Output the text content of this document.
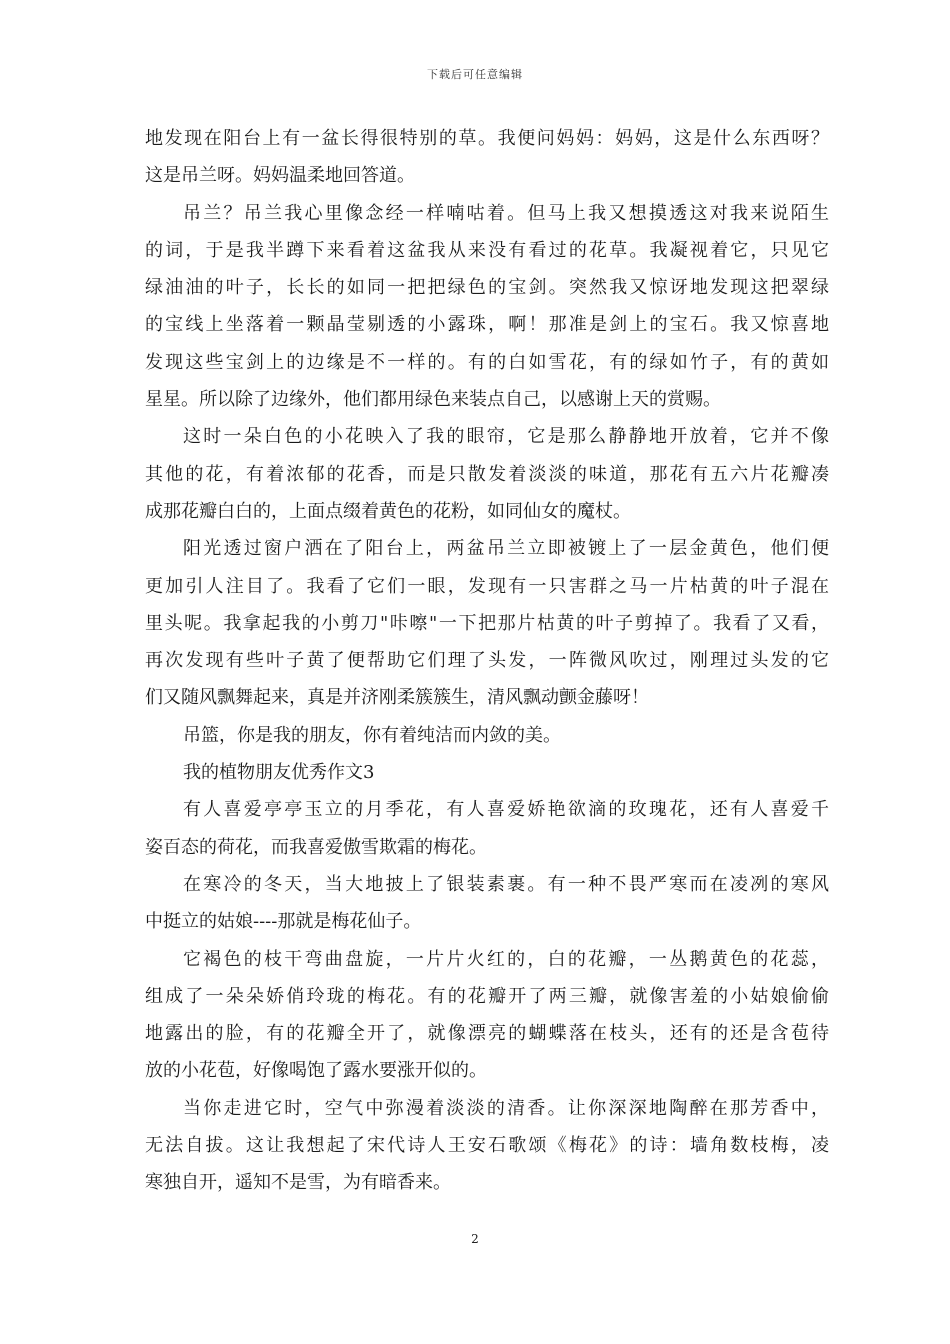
下载后可任意编辑
地发现在阳台上有一盆长得很特别的草。我便问妈妈：妈妈，这是什么东西呀？
这是吊兰呀。妈妈温柔地回答道。
吊兰？吊兰我心里像念经一样喃咕着。但马上我又想摸透这对我来说陌生
的词，于是我半蹲下来看着这盆我从来没有看过的花草。我凝视着它，只见它
绿油油的叶子，长长的如同一把把绿色的宝剑。突然我又惊讶地发现这把翠绿
的宝线上坐落着一颗晶莹剔透的小露珠，啊！那准是剑上的宝石。我又惊喜地
发现这些宝剑上的边缘是不一样的。有的白如雪花，有的绿如竹子，有的黄如
星星。所以除了边缘外，他们都用绿色来装点自己，以感谢上天的赏赐。
这时一朵白色的小花映入了我的眼帘，它是那么静静地开放着，它并不像
其他的花，有着浓郁的花香，而是只散发着淡淡的味道，那花有五六片花瓣凑
成那花瓣白白的，上面点缀着黄色的花粉，如同仙女的魔杖。
阳光透过窗户洒在了阳台上，两盆吊兰立即被镀上了一层金黄色，他们便
更加引人注目了。我看了它们一眼，发现有一只害群之马一片枯黄的叶子混在
里头呢。我拿起我的小剪刀"咔嚓"一下把那片枯黄的叶子剪掉了。我看了又看，
再次发现有些叶子黄了便帮助它们理了头发，一阵微风吹过，刚理过头发的它
们又随风飘舞起来，真是并济刚柔簇簇生，清风飘动颤金藤呀！
吊篮，你是我的朋友，你有着纯洁而内敛的美。
我的植物朋友优秀作文3
有人喜爱亭亭玉立的月季花，有人喜爱娇艳欲滴的玫瑰花，还有人喜爱千
姿百态的荷花，而我喜爱傲雪欺霜的梅花。
在寒冷的冬天，当大地披上了银装素裹。有一种不畏严寒而在凌冽的寒风
中挺立的姑娘----那就是梅花仙子。
它褐色的枝干弯曲盘旋，一片片火红的，白的花瓣，一丛鹅黄色的花蕊，
组成了一朵朵娇俏玲珑的梅花。有的花瓣开了两三瓣，就像害羞的小姑娘偷偷
地露出的脸，有的花瓣全开了，就像漂亮的蝴蝶落在枝头，还有的还是含苞待
放的小花苞，好像喝饱了露水要涨开似的。
当你走进它时，空气中弥漫着淡淡的清香。让你深深地陶醉在那芳香中，
无法自拔。这让我想起了宋代诗人王安石歌颂《梅花》的诗：墙角数枝梅，凌
寒独自开，遥知不是雪，为有暗香来。
2
